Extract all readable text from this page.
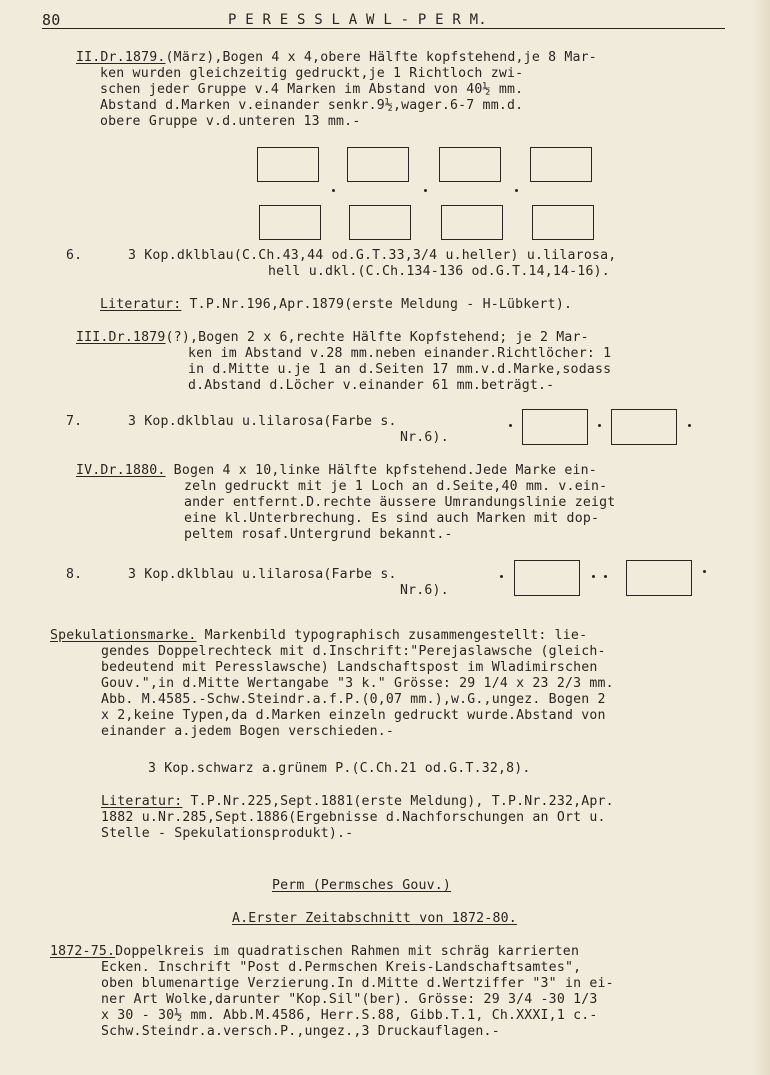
80	P E R E S S L A W L - P E R M.
II.Dr.1879.(März),Bogen 4 x 4,obere Hälfte kopfstehend,je 8 Mar-
ken wurden gleichzeitig gedruckt,je 1 Richtloch zwi-
schen jeder Gruppe v.4 Marken im Abstand von 40½ mm.
Abstand d.Marken v.einander senkr.9½,wager.6-7 mm.d.
obere Gruppe v.d.unteren 13 mm.-
6.	3 Kop.dklblau(C.Ch.43,44 od.G.T.33,3/4 u.heller) u.lilarosa,
hell u.dkl.(C.Ch.134-136 od.G.T.14,14-16).
Literatur: T.P.Nr.196,Apr.1879(erste Meldung - H-Lübkert).
III.Dr.1879(?),Bogen 2 x 6,rechte Hälfte Kopfstehend; je 2 Mar-
ken im Abstand v.28 mm.neben einander.Richtlöcher: 1
in d.Mitte u.je 1 an d.Seiten 17 mm.v.d.Marke,sodass
d.Abstand d.Löcher v.einander 61 mm.beträgt.-
7.	3 Kop.dklblau u.lilarosa(Farbe s.
Nr.6).
IV.Dr.1880. Bogen 4 x 10,linke Hälfte kpfstehend.Jede Marke ein-
zeln gedruckt mit je 1 Loch an d.Seite,40 mm. v.ein-
ander entfernt.D.rechte äussere Umrandungslinie zeigt
eine kl.Unterbrechung. Es sind auch Marken mit dop-
peltem rosaf.Untergrund bekannt.-
8.	3 Kop.dklblau u.lilarosa(Farbe s.
Nr.6).
Spekulationsmarke. Markenbild typographisch zusammengestellt: lie-
gendes Doppelrechteck mit d.Inschrift:"Perejaslawsche (gleich-
bedeutend mit Peresslawsche) Landschaftspost im Wladimirschen
Gouv.",in d.Mitte Wertangabe "3 k." Grösse: 29 1/4 x 23 2/3 mm.
Abb. M.4585.-Schw.Steindr.a.f.P.(0,07 mm.),w.G.,ungez. Bogen 2
x 2,keine Typen,da d.Marken einzeln gedruckt wurde.Abstand von
einander a.jedem Bogen verschieden.-
3 Kop.schwarz a.grünem P.(C.Ch.21 od.G.T.32,8).
Literatur: T.P.Nr.225,Sept.1881(erste Meldung), T.P.Nr.232,Apr.
1882 u.Nr.285,Sept.1886(Ergebnisse d.Nachforschungen an Ort u.
Stelle - Spekulationsprodukt).-
Perm (Permsches Gouv.)
A.Erster Zeitabschnitt von 1872-80.
1872-75.Doppelkreis im quadratischen Rahmen mit schräg karrierten
Ecken. Inschrift "Post d.Permschen Kreis-Landschaftsamtes",
oben blumenartige Verzierung.In d.Mitte d.Wertziffer "3" in ei-
ner Art Wolke,darunter "Kop.Sil"(ber). Grösse: 29 3/4 -30 1/3
x 30 - 30½ mm. Abb.M.4586, Herr.S.88, Gibb.T.1, Ch.XXXI,1 c.-
Schw.Steindr.a.versch.P.,ungez.,3 Druckauflagen.-
